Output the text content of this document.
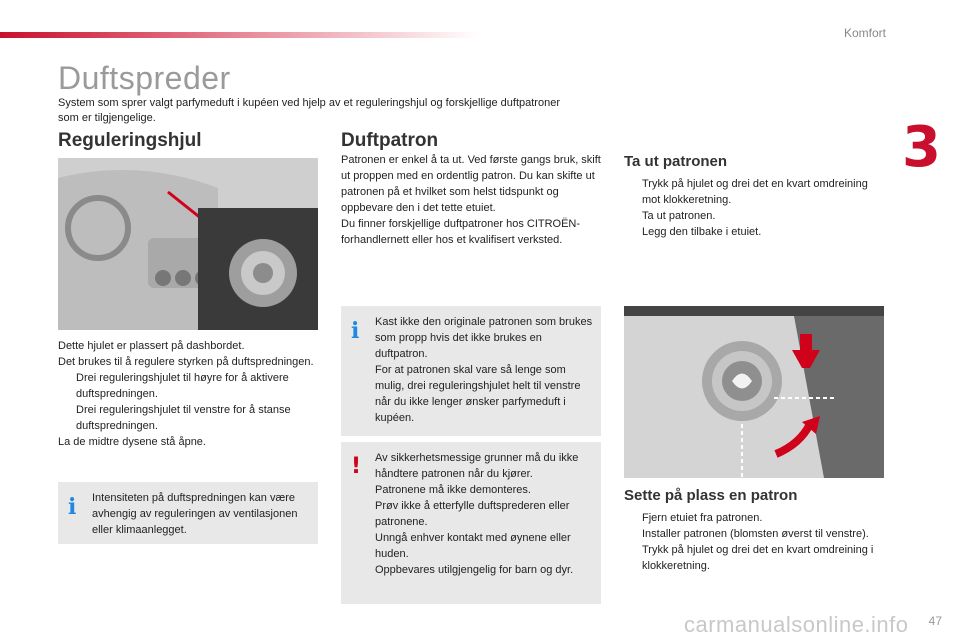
Komfort
3
Duftspreder

System som sprer valgt parfymeduft i kupéen ved hjelp av et reguleringshjul og forskjellige duftpatroner som er tilgjengelige.

Reguleringshjul
Dette hjulet er plassert på dashbordet.
Det brukes til å regulere styrken på duftspredningen.
Drei reguleringshjulet til høyre for å aktivere duftspredningen.
Drei reguleringshjulet til venstre for å stanse duftspredningen.
La de midtre dysene stå åpne.
i Intensiteten på duftspredningen kan være avhengig av reguleringen av ventilasjonen eller klimaanlegget.
Duftpatron
Patronen er enkel å ta ut. Ved første gangs bruk, skift ut proppen med en ordentlig patron. Du kan skifte ut patronen på et hvilket som helst tidspunkt og oppbevare den i det tette etuiet.
Du finner forskjellige duftpatroner hos CITROËN-forhandlernett eller hos et kvalifisert verksted.
i Kast ikke den originale patronen som brukes som propp hvis det ikke brukes en duftpatron.
For at patronen skal vare så lenge som mulig, drei reguleringshjulet helt til venstre når du ikke lenger ønsker parfymeduft i kupéen.
! Av sikkerhetsmessige grunner må du ikke håndtere patronen når du kjører.
Patronene må ikke demonteres.
Prøv ikke å etterfylle duftsprederen eller patronene.
Unngå enhver kontakt med øynene eller huden.
Oppbevares utilgjengelig for barn og dyr.
Ta ut patronen
Trykk på hjulet og drei det en kvart omdreining mot klokkeretning.
Ta ut patronen.
Legg den tilbake i etuiet.
Sette på plass en patron
Fjern etuiet fra patronen.
Installer patronen (blomsten øverst til venstre).
Trykk på hjulet og drei det en kvart omdreining i klokkeretning.
47
carmanualsonline.info
